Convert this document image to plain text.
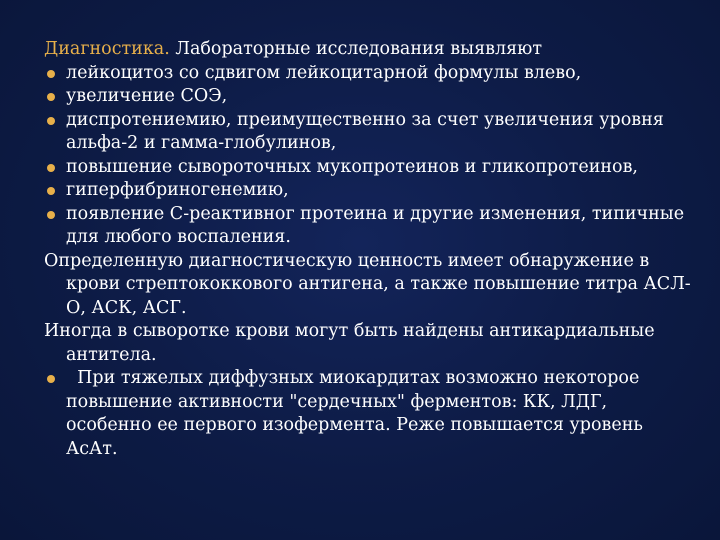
Диагностика. Лабораторные исследования выявляют
лейкоцитоз со сдвигом лейкоцитарной формулы влево,
увеличение СОЭ,
диспротениемию, преимущественно за счет увеличения уровня альфа-2 и гамма-глобулинов,
повышение сывороточных мукопротеинов и гликопротеинов,
гиперфибриногенемию,
появление С-реактивног протеина и другие изменения, типичные для любого воспаления.
Определенную диагностическую ценность имеет обнаружение в крови стрептококкового антигена, а также повышение титра АСЛ-О, АСК, АСГ.
Иногда в сыворотке крови могут быть найдены антикардиальные антитела.
При тяжелых диффузных миокардитах возможно некоторое повышение активности "сердечных" ферментов: КК, ЛДГ, особенно ее первого изофермента. Реже повышается уровень АсАт.
